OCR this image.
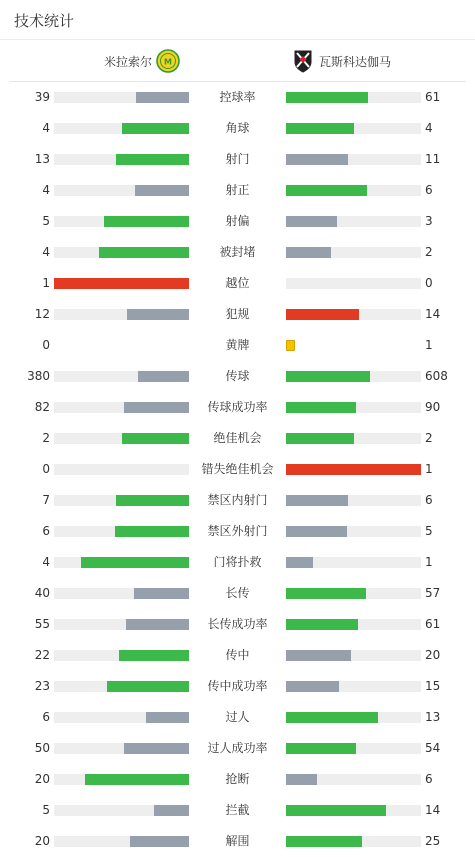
技术统计
米拉索尔 M	瓦斯科达伽马
39	控球率	61
4	角球	4
13	射门	11
4	射正	6
5	射偏	3
4	被封堵	2
1	越位	0
12	犯规	14
0	黄牌	1
380	传球	608
82	传球成功率	90
2	绝佳机会	2
0	错失绝佳机会	1
7	禁区内射门	6
6	禁区外射门	5
4	门将扑救	1
40	长传	57
55	长传成功率	61
22	传中	20
23	传中成功率	15
6	过人	13
50	过人成功率	54
20	抢断	6
5	拦截	14
20	解围	25
